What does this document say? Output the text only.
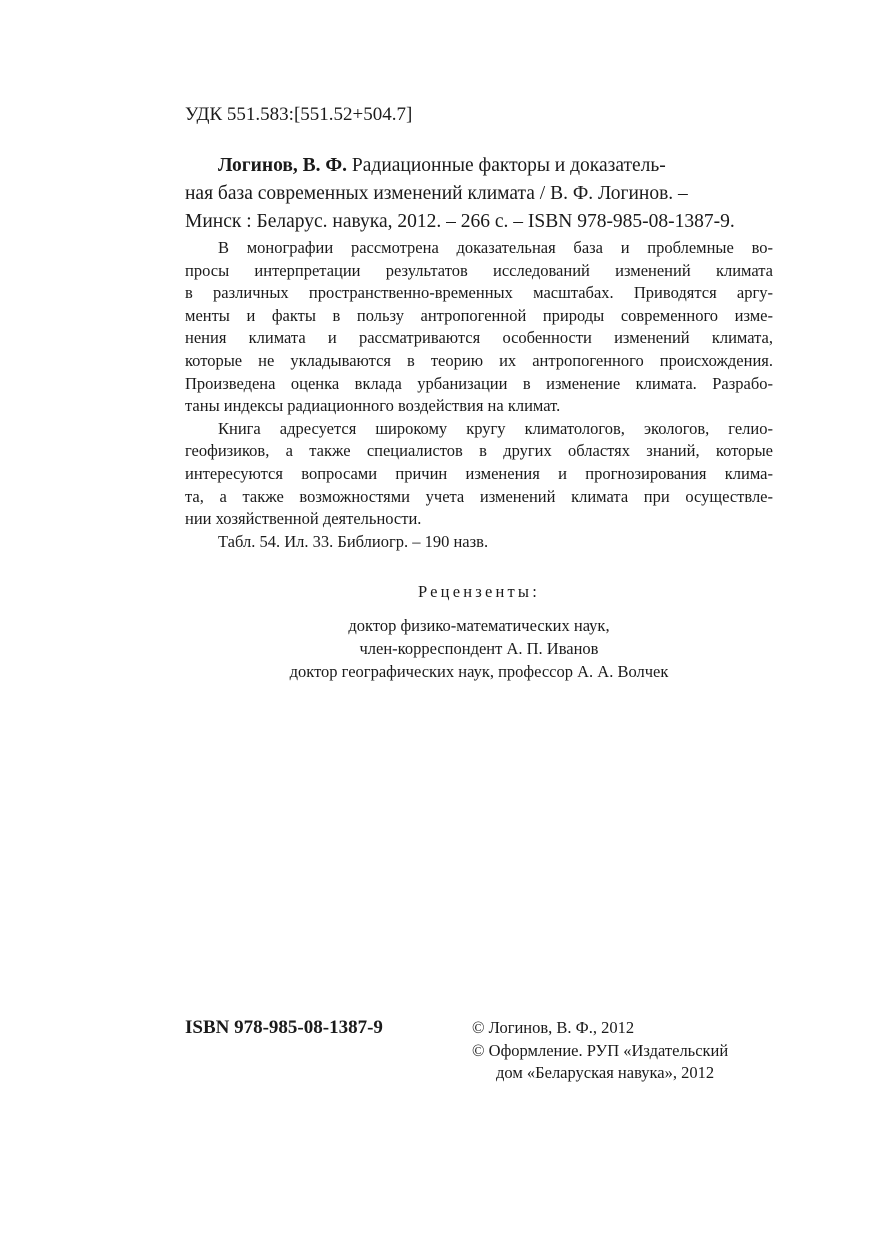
УДК 551.583:[551.52+504.7]
Логинов, В. Ф. Радиационные факторы и доказатель-
ная база современных изменений климата / В. Ф. Логинов. –
Минск : Беларус. навука, 2012. – 266 с. – ISBN 978-985-08-1387-9.
В монографии рассмотрена доказательная база и проблемные во-
просы интерпретации результатов исследований изменений климата
в различных пространственно-временных масштабах. Приводятся аргу-
менты и факты в пользу антропогенной природы современного изме-
нения климата и рассматриваются особенности изменений климата,
которые не укладываются в теорию их антропогенного происхождения.
Произведена оценка вклада урбанизации в изменение климата. Разрабо-
таны индексы радиационного воздействия на климат.
Книга адресуется широкому кругу климатологов, экологов, гелио-
геофизиков, а также специалистов в других областях знаний, которые
интересуются вопросами причин изменения и прогнозирования клима-
та, а также возможностями учета изменений климата при осуществле-
нии хозяйственной деятельности.
Табл. 54. Ил. 33. Библиогр. – 190 назв.
Рецензенты:
доктор физико-математических наук,
член-корреспондент А. П. Иванов
доктор географических наук, профессор А. А. Волчек
ISBN 978-985-08-1387-9	© Логинов, В. Ф., 2012
© Оформление. РУП «Издательский
дом «Беларуская навука», 2012
